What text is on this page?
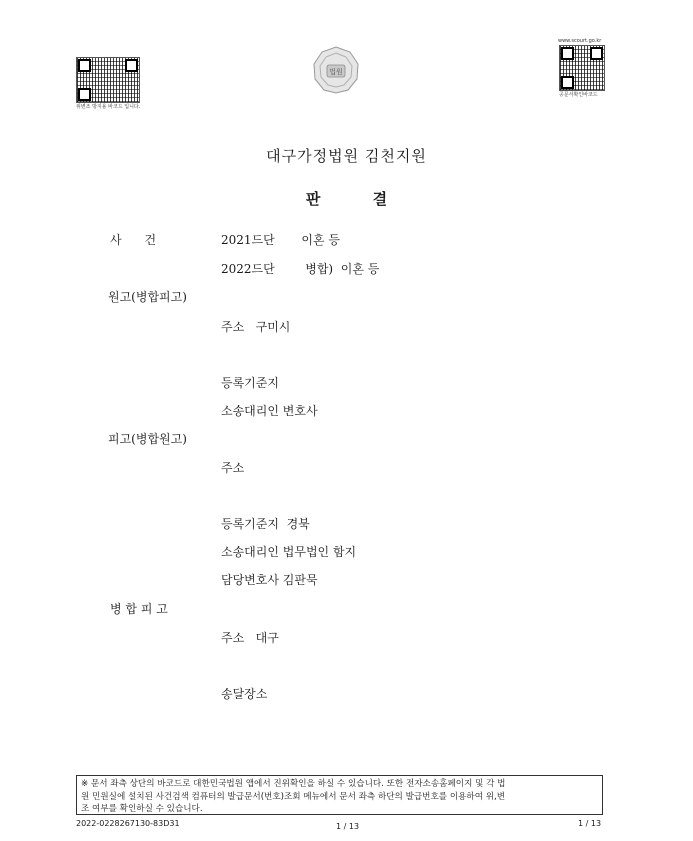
위변조 방지용 바코드 입니다.
법원
www.scourt.go.kr
공문서확인바코드
대구가정법원 김천지원
판          결
사      건	2021드단       이혼 등
2022드단        병합)  이혼 등
원고(병합피고)
주소   구미시
등록기준지
소송대리인 변호사
피고(병합원고)
주소
등록기준지  경북
소송대리인 법무법인 함지
담당변호사 김판묵
병 합 피 고
주소   대구
송달장소
※ 문서 좌측 상단의 바코드로 대한민국법원 앱에서 진위확인을 하실 수 있습니다. 또한 전자소송홈페이지 및 각 법
원 민원실에 설치된 사건검색 컴퓨터의 발급문서(번호)조회 메뉴에서 문서 좌측 하단의 발급번호를 이용하여 위,변
조 여부를 확인하실 수 있습니다.
2022-0228267130-83D31	1 / 13	1 / 13
